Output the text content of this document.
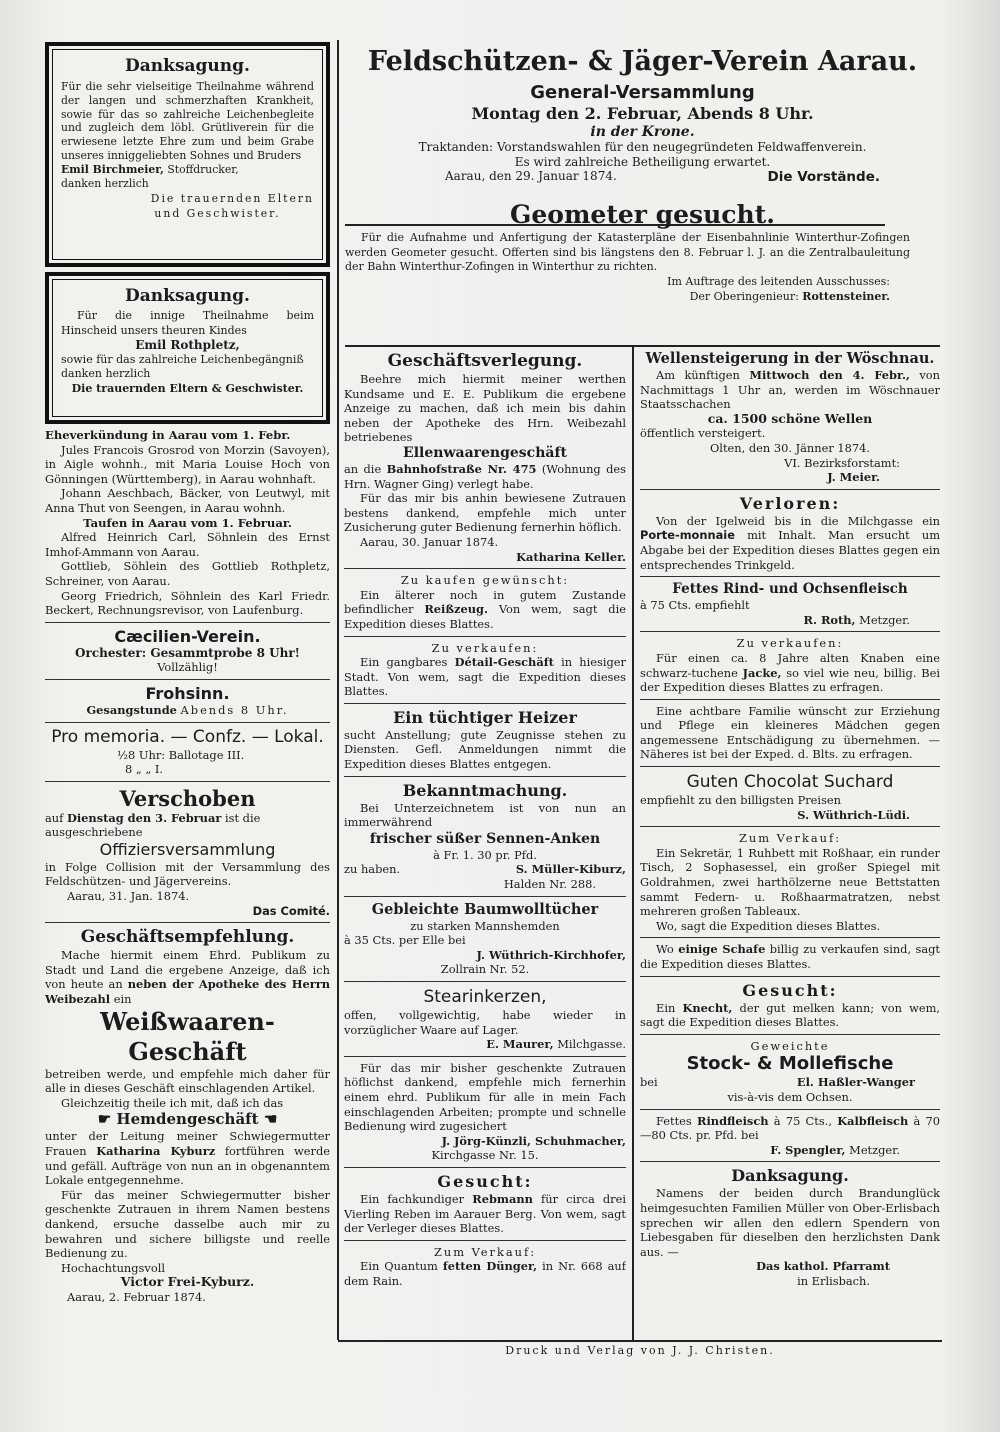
Danksagung.

Für die sehr vielseitige Theilnahme während der langen und schmerzhaften Krankheit, sowie für das so zahlreiche Leichenbegleite und zugleich dem löbl. Grütliverein für die erwiesene letzte Ehre zum und beim Grabe unseres inniggeliebten Sohnes und Bruders

Emil Birchmeier, Stoffdrucker,

danken herzlich

Die trauernden Eltern

und Geschwister.

Danksagung.

Für die innige Theilnahme beim Hinscheid unsers theuren Kindes

Emil Rothpletz,

sowie für das zahlreiche Leichenbegängniß danken herzlich

Die trauernden Eltern & Geschwister.

Eheverkündung in Aarau vom 1. Febr.

Jules Francois Grosrod von Morzin (Savoyen), in Aigle wohnh., mit Maria Louise Hoch von Gönningen (Württemberg), in Aarau wohnhaft.

Johann Aeschbach, Bäcker, von Leutwyl, mit Anna Thut von Seengen, in Aarau wohnh.

Taufen in Aarau vom 1. Februar.

Alfred Heinrich Carl, Söhnlein des Ernst Imhof-Ammann von Aarau.

Gottlieb, Söhlein des Gottlieb Rothpletz, Schreiner, von Aarau.

Georg Friedrich, Söhnlein des Karl Friedr. Beckert, Rechnungsrevisor, von Laufenburg.

Cæcilien-Verein.

Orchester: Gesammtprobe 8 Uhr!

Vollzählig!

Frohsinn.

Gesangstunde Abends 8 Uhr.

Pro memoria. — Confz. — Lokal.

½8 Uhr: Ballotage III.

8 „ „ I.

Verschoben

auf Dienstag den 3. Februar ist die ausgeschriebene

Offiziersversammlung

in Folge Collision mit der Versammlung des Feldschützen- und Jägervereins.

Aarau, 31. Jan. 1874.

Das Comité.

Geschäftsempfehlung.

Mache hiermit einem Ehrd. Publikum zu Stadt und Land die ergebene Anzeige, daß ich von heute an neben der Apotheke des Herrn Weibezahl ein

Weißwaaren-Geschäft

betreiben werde, und empfehle mich daher für alle in dieses Geschäft einschlagenden Artikel.

Gleichzeitig theile ich mit, daß ich das

☛ Hemdengeschäft ☚

unter der Leitung meiner Schwiegermutter Frauen Katharina Kyburz fortführen werde und gefäll. Aufträge von nun an in obgenanntem Lokale entgegennehme.

Für das meiner Schwiegermutter bisher geschenkte Zutrauen in ihrem Namen bestens dankend, ersuche dasselbe auch mir zu bewahren und sichere billigste und reelle Bedienung zu.

Hochachtungsvoll

Victor Frei-Kyburz.

Aarau, 2. Februar 1874.

Feldschützen- & Jäger-Verein Aarau.

General-Versammlung

Montag den 2. Februar, Abends 8 Uhr.

in der Krone.

Traktanden: Vorstandswahlen für den neugegründeten Feldwaffenverein.

Es wird zahlreiche Betheiligung erwartet.

Aarau, den 29. Januar 1874.	Die Vorstände.

Geometer gesucht.

Für die Aufnahme und Anfertigung der Katasterpläne der Eisenbahnlinie Winterthur-Zofingen werden Geometer gesucht. Offerten sind bis längstens den 8. Februar l. J. an die Zentralbauleitung der Bahn Winterthur-Zofingen in Winterthur zu richten.

Im Auftrage des leitenden Ausschusses:

Der Oberingenieur: Rottensteiner.

Geschäftsverlegung.

Beehre mich hiermit meiner werthen Kundsame und E. E. Publikum die ergebene Anzeige zu machen, daß ich mein bis dahin neben der Apotheke des Hrn. Weibezahl betriebenes

Ellenwaarengeschäft

an die Bahnhofstraße Nr. 475 (Wohnung des Hrn. Wagner Ging) verlegt habe.

Für das mir bis anhin bewiesene Zutrauen bestens dankend, empfehle mich unter Zusicherung guter Bedienung fernerhin höflich.

Aarau, 30. Januar 1874.

Katharina Keller.

Zu kaufen gewünscht:

Ein älterer noch in gutem Zustande befindlicher Reißzeug. Von wem, sagt die Expedition dieses Blattes.

Zu verkaufen:

Ein gangbares Détail-Geschäft in hiesiger Stadt. Von wem, sagt die Expedition dieses Blattes.

Ein tüchtiger Heizer

sucht Anstellung; gute Zeugnisse stehen zu Diensten. Gefl. Anmeldungen nimmt die Expedition dieses Blattes entgegen.

Bekanntmachung.

Bei Unterzeichnetem ist von nun an immerwährend

frischer süßer Sennen-Anken

à Fr. 1. 30 pr. Pfd.

zu haben.	S. Müller-Kiburz,

Halden Nr. 288.

Gebleichte Baumwolltücher

zu starken Mannshemden

à 35 Cts. per Elle bei

J. Wüthrich-Kirchhofer,

Zollrain Nr. 52.

Stearinkerzen,

offen, vollgewichtig, habe wieder in vorzüglicher Waare auf Lager.

E. Maurer, Milchgasse.

Für das mir bisher geschenkte Zutrauen höflichst dankend, empfehle mich fernerhin einem ehrd. Publikum für alle in mein Fach einschlagenden Arbeiten; prompte und schnelle Bedienung wird zugesichert

J. Jörg-Künzli, Schuhmacher,

Kirchgasse Nr. 15.

Gesucht:

Ein fachkundiger Rebmann für circa drei Vierling Reben im Aarauer Berg. Von wem, sagt der Verleger dieses Blattes.

Zum Verkauf:

Ein Quantum fetten Dünger, in Nr. 668 auf dem Rain.

Wellensteigerung in der Wöschnau.

Am künftigen Mittwoch den 4. Febr., von Nachmittags 1 Uhr an, werden im Wöschnauer Staatsschachen

ca. 1500 schöne Wellen

öffentlich versteigert.

Olten, den 30. Jänner 1874.

VI. Bezirksforstamt:

J. Meier.

Verloren:

Von der Igelweid bis in die Milchgasse ein Porte-monnaie mit Inhalt. Man ersucht um Abgabe bei der Expedition dieses Blattes gegen ein entsprechendes Trinkgeld.

Fettes Rind- und Ochsenfleisch

à 75 Cts. empfiehlt

R. Roth, Metzger.

Zu verkaufen:

Für einen ca. 8 Jahre alten Knaben eine schwarz-tuchene Jacke, so viel wie neu, billig. Bei der Expedition dieses Blattes zu erfragen.

Eine achtbare Familie wünscht zur Erziehung und Pflege ein kleineres Mädchen gegen angemessene Entschädigung zu übernehmen. — Näheres ist bei der Exped. d. Blts. zu erfragen.

Guten Chocolat Suchard

empfiehlt zu den billigsten Preisen

S. Wüthrich-Lüdi.

Zum Verkauf:

Ein Sekretär, 1 Ruhbett mit Roßhaar, ein runder Tisch, 2 Sophasessel, ein großer Spiegel mit Goldrahmen, zwei harthölzerne neue Bettstatten sammt Federn- u. Roßhaarmatratzen, nebst mehreren großen Tableaux.

Wo, sagt die Expedition dieses Blattes.

Wo einige Schafe billig zu verkaufen sind, sagt die Expedition dieses Blattes.

Gesucht:

Ein Knecht, der gut melken kann; von wem, sagt die Expedition dieses Blattes.

Geweichte

Stock- & Mollefische

bei	El. Haßler-Wanger

vis-à-vis dem Ochsen.

Fettes Rindfleisch à 75 Cts., Kalbfleisch à 70—80 Cts. pr. Pfd. bei

F. Spengler, Metzger.

Danksagung.

Namens der beiden durch Brandunglück heimgesuchten Familien Müller von Ober-Erlisbach sprechen wir allen den edlern Spendern von Liebesgaben für dieselben den herzlichsten Dank aus. —

Das kathol. Pfarramt

in Erlisbach.

Druck und Verlag von J. J. Christen.
